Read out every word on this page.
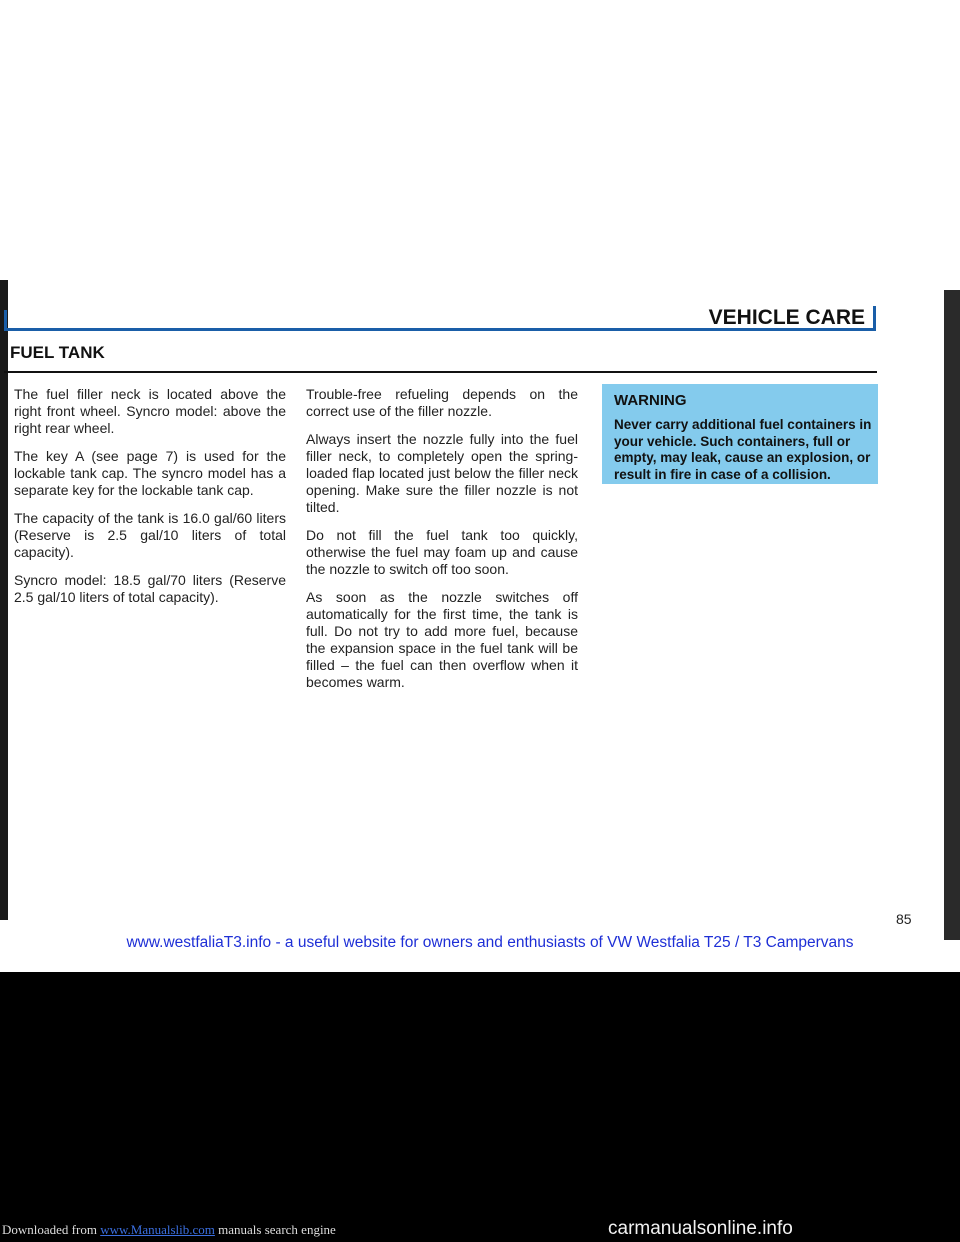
VEHICLE CARE
FUEL TANK

The fuel filler neck is located above the right front wheel. Syncro model: above the right rear wheel.

The key A (see page 7) is used for the lockable tank cap. The syncro model has a separate key for the lockable tank cap.

The capacity of the tank is 16.0 gal/60 liters (Reserve is 2.5 gal/10 liters of total capacity).

Syncro model: 18.5 gal/70 liters (Reserve 2.5 gal/10 liters of total capacity).

Trouble-free refueling depends on the correct use of the filler nozzle.

Always insert the nozzle fully into the fuel filler neck, to completely open the spring-loaded flap located just below the filler neck opening. Make sure the filler nozzle is not tilted.

Do not fill the fuel tank too quickly, otherwise the fuel may foam up and cause the nozzle to switch off too soon.

As soon as the nozzle switches off automatically for the first time, the tank is full. Do not try to add more fuel, because the expansion space in the fuel tank will be filled – the fuel can then overflow when it becomes warm.

WARNING

Never carry additional fuel containers in your vehicle. Such containers, full or empty, may leak, cause an explosion, or result in fire in case of a collision.

85
www.westfaliaT3.info - a useful website for owners and enthusiasts of VW Westfalia T25 / T3 Campervans
Downloaded from www.Manualslib.com manuals search engine	carmanualsonline.info
